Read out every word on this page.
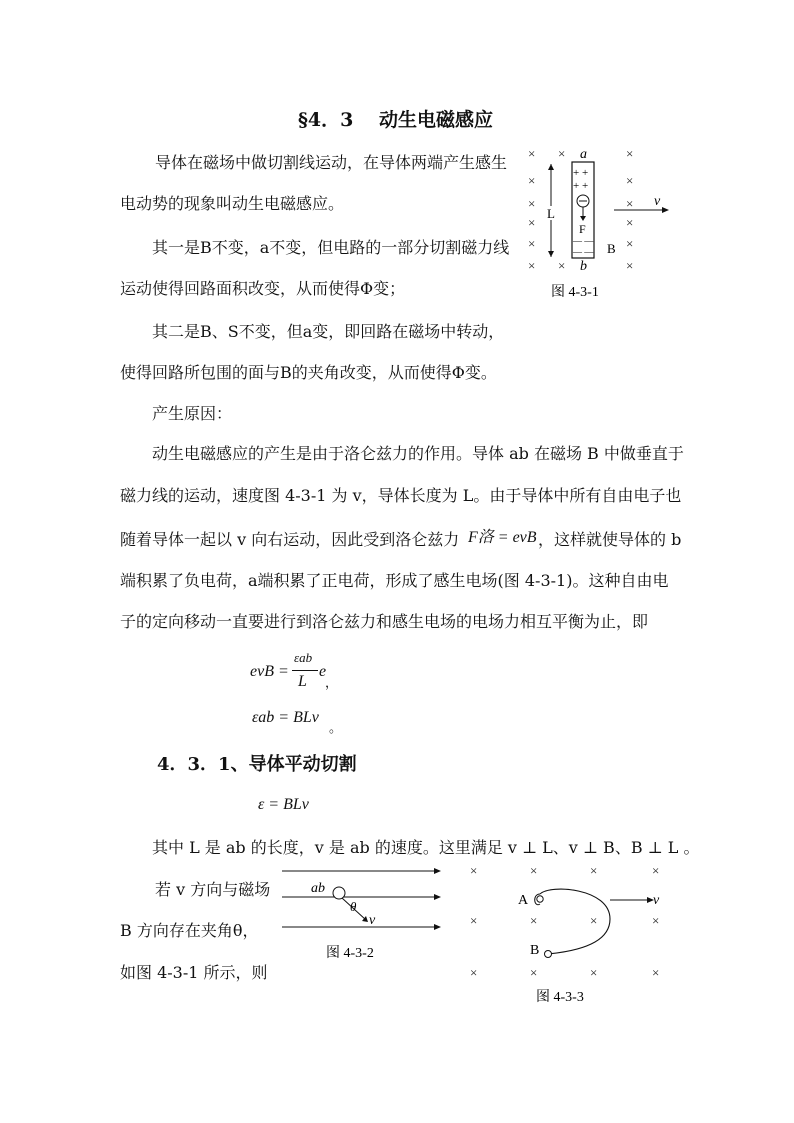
§4．3　 动生电磁感应
导体在磁场中做切割线运动，在导体两端产生感生
电动势的现象叫动生电磁感应。
其一是B不变，a不变，但电路的一部分切割磁力线
运动使得回路面积改变，从而使得Φ变；
其二是B、S不变，但a变，即回路在磁场中转动，
使得回路所包围的面与B的夹角改变，从而使得Φ变。
产生原因：
动生电磁感应的产生是由于洛仑兹力的作用。导体 ab 在磁场 B 中做垂直于
磁力线的运动，速度图 4-3-1 为 v，导体长度为 L。由于导体中所有自由电子也
随着导体一起以 v 向右运动，因此受到洛仑兹力 F洛 = evB ，这样就使导体的 b
端积累了负电荷，a端积累了正电荷，形成了感生电场(图 4-3-1)。这种自由电
子的定向移动一直要进行到洛仑兹力和感生电场的电场力相互平衡为止，即
evB =
εab
L
e
，
εab = BLv
。
4．3．1、导体平动切割
ε = BLv
其中 L 是 ab 的长度，v 是 ab 的速度。这里满足 v ⊥ L、v ⊥ B、B ⊥ L 。
若 v 方向与磁场
B 方向存在夹角θ，
如图 4-3-1 所示，则
× ×	×
×	×
×	×
×	×
×	×
× ×	×
a
b
+ +
+ +
F
— —
— —
L
B
v
图 4-3-1
ab
v
θ
图 4-3-2
×	×	×	×
×	×	×	×
×	×	×	×
A
B
v
图 4-3-3
